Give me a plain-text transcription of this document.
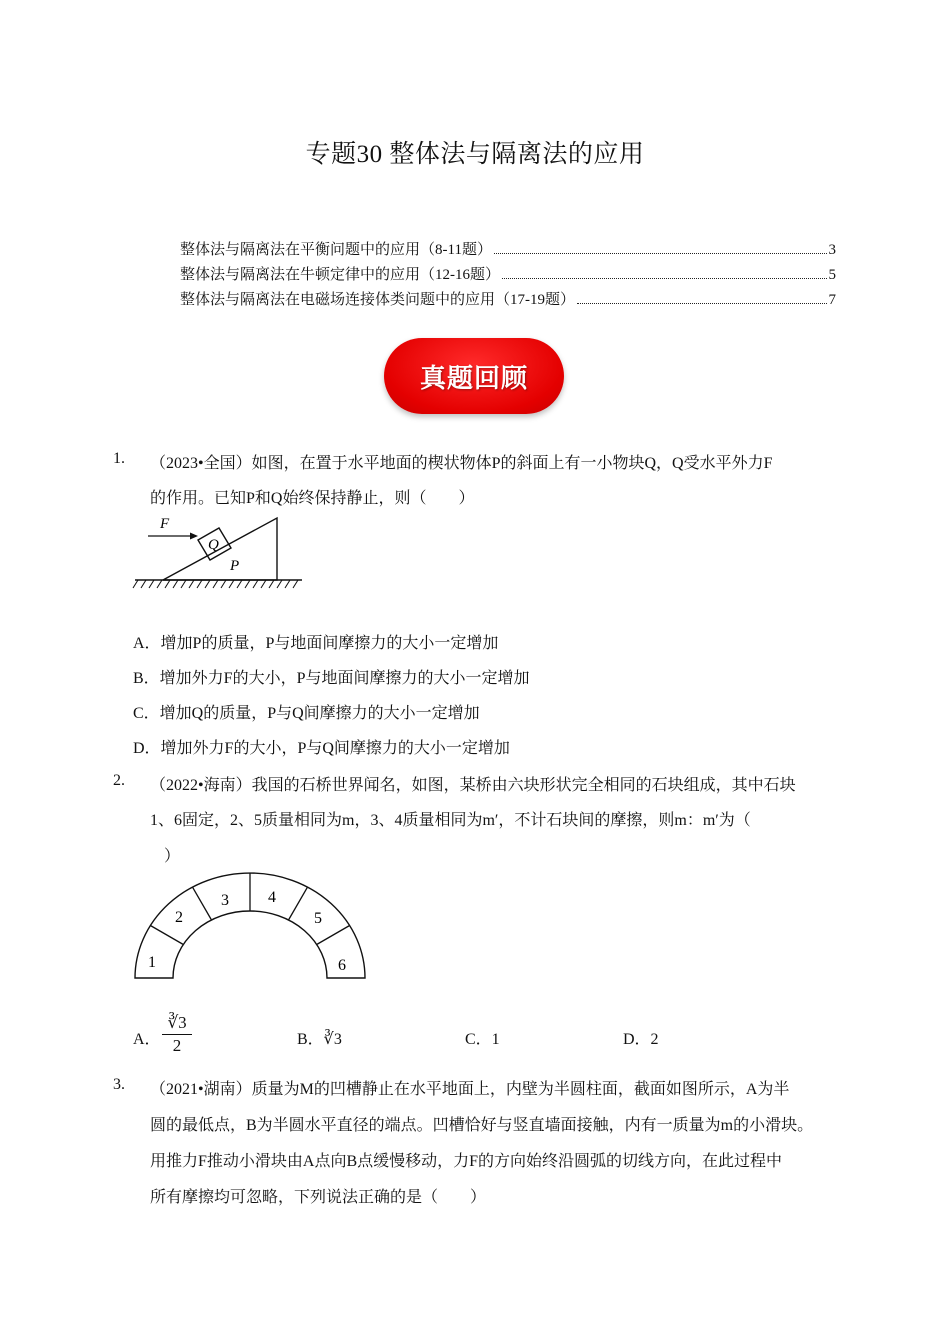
专题30 整体法与隔离法的应用
整体法与隔离法在平衡问题中的应用（8-11题）	3
整体法与隔离法在牛顿定律中的应用（12-16题）	5
整体法与隔离法在电磁场连接体类问题中的应用（17-19题）	7
真题回顾
1. （2023•全国）如图，在置于水平地面的楔状物体P的斜面上有一小物块Q，Q受水平外力F
的作用。已知P和Q始终保持静止，则（　　）
F
Q
P
A．增加P的质量，P与地面间摩擦力的大小一定增加
B．增加外力F的大小，P与地面间摩擦力的大小一定增加
C．增加Q的质量，P与Q间摩擦力的大小一定增加
D．增加外力F的大小，P与Q间摩擦力的大小一定增加
2. （2022•海南）我国的石桥世界闻名，如图，某桥由六块形状完全相同的石块组成，其中石块
1、6固定，2、5质量相同为m，3、4质量相同为m′，不计石块间的摩擦，则m：m′为（
）
1
2
3 4
5
6
A． $\frac{∛3}{2}$	B．∛3	C．1	D．2
3. （2021•湖南）质量为M的凹槽静止在水平地面上，内壁为半圆柱面，截面如图所示，A为半
圆的最低点，B为半圆水平直径的端点。凹槽恰好与竖直墙面接触，内有一质量为m的小滑块。
用推力F推动小滑块由A点向B点缓慢移动，力F的方向始终沿圆弧的切线方向，在此过程中
所有摩擦均可忽略，下列说法正确的是（　　）
